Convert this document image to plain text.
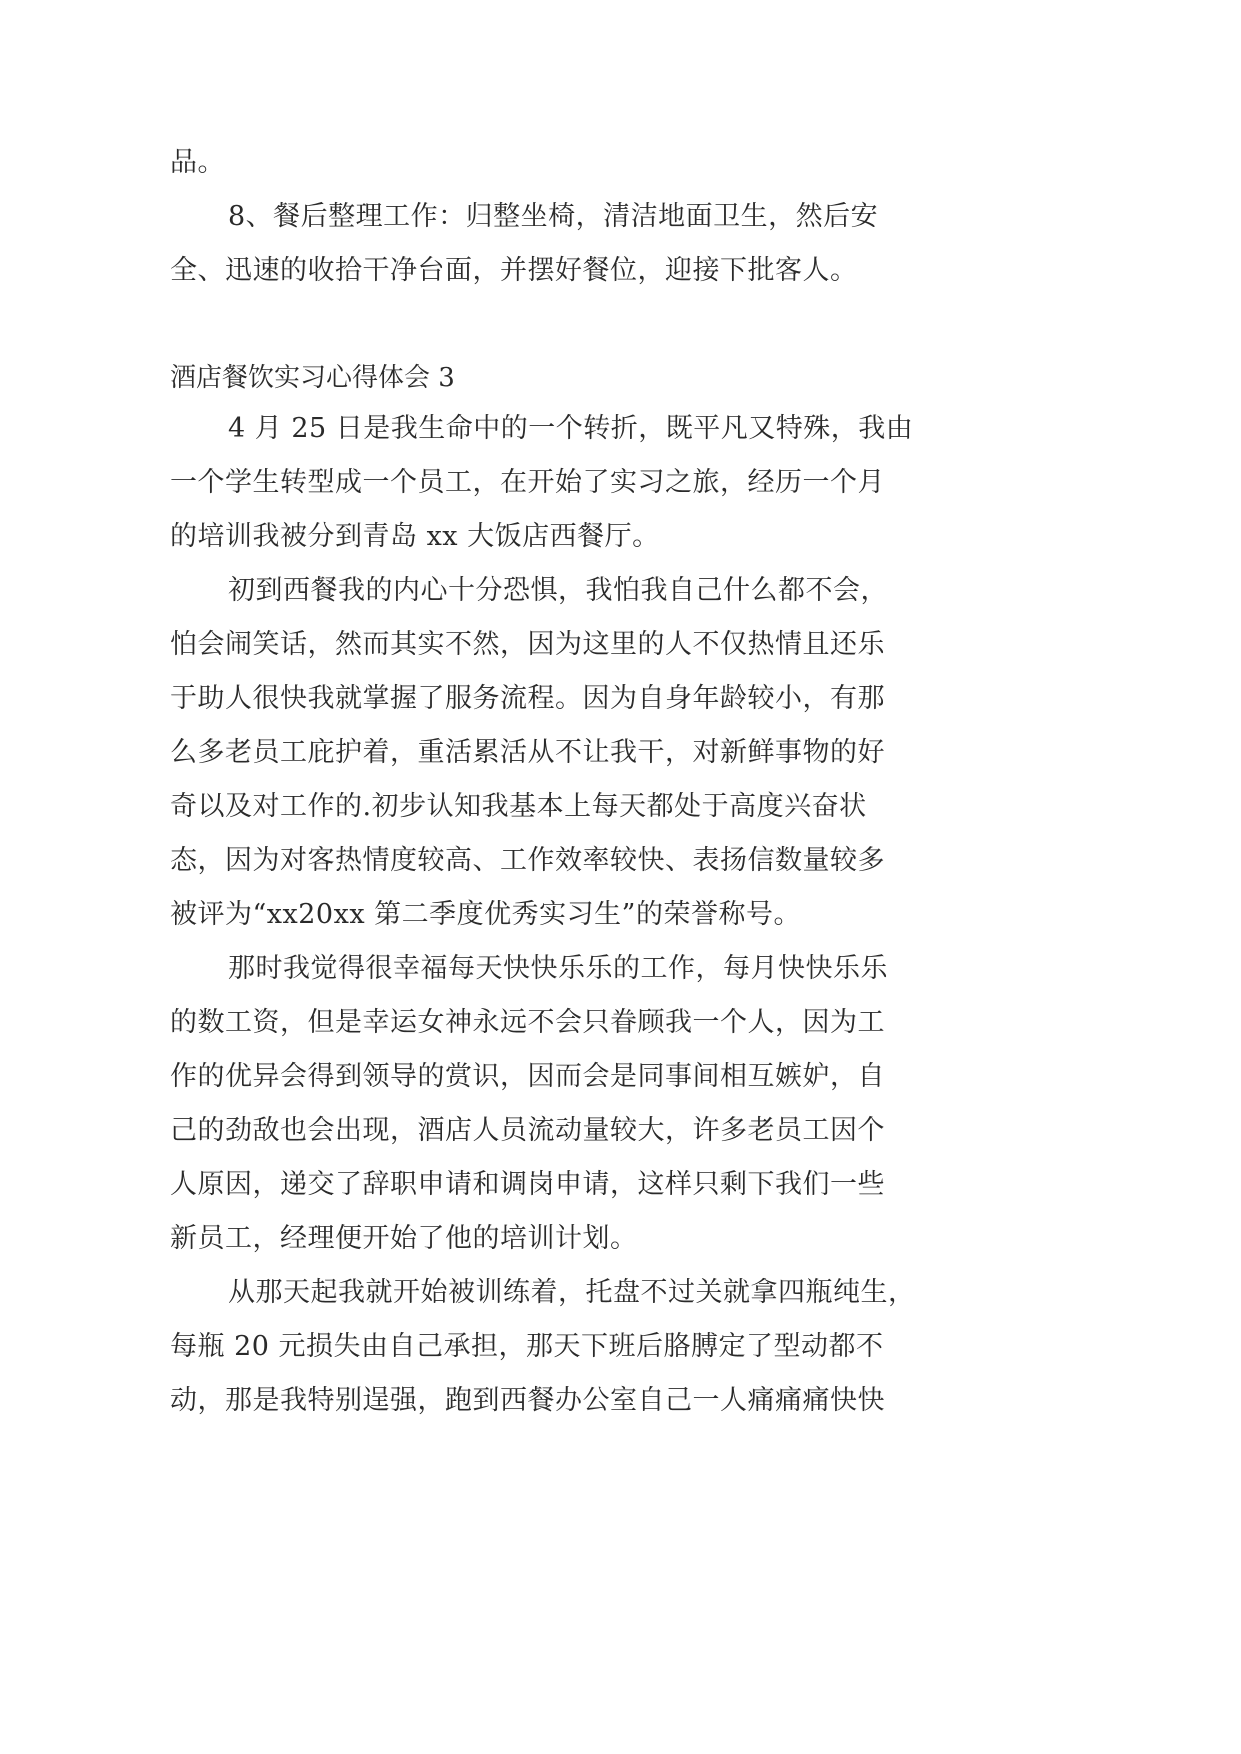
品。
8、餐后整理工作：归整坐椅，清洁地面卫生，然后安
全、迅速的收拾干净台面，并摆好餐位，迎接下批客人。
酒店餐饮实习心得体会 3
4 月 25 日是我生命中的一个转折，既平凡又特殊，我由
一个学生转型成一个员工，在开始了实习之旅，经历一个月
的培训我被分到青岛 xx 大饭店西餐厅。
初到西餐我的内心十分恐惧，我怕我自己什么都不会，
怕会闹笑话，然而其实不然，因为这里的人不仅热情且还乐
于助人很快我就掌握了服务流程。因为自身年龄较小，有那
么多老员工庇护着，重活累活从不让我干，对新鲜事物的好
奇以及对工作的.初步认知我基本上每天都处于高度兴奋状
态，因为对客热情度较高、工作效率较快、表扬信数量较多
被评为“xx20xx 第二季度优秀实习生”的荣誉称号。
那时我觉得很幸福每天快快乐乐的工作，每月快快乐乐
的数工资，但是幸运女神永远不会只眷顾我一个人，因为工
作的优异会得到领导的赏识，因而会是同事间相互嫉妒，自
己的劲敌也会出现，酒店人员流动量较大，许多老员工因个
人原因，递交了辞职申请和调岗申请，这样只剩下我们一些
新员工，经理便开始了他的培训计划。
从那天起我就开始被训练着，托盘不过关就拿四瓶纯生，
每瓶 20 元损失由自己承担，那天下班后胳膊定了型动都不
动，那是我特别逞强，跑到西餐办公室自己一人痛痛痛快快
